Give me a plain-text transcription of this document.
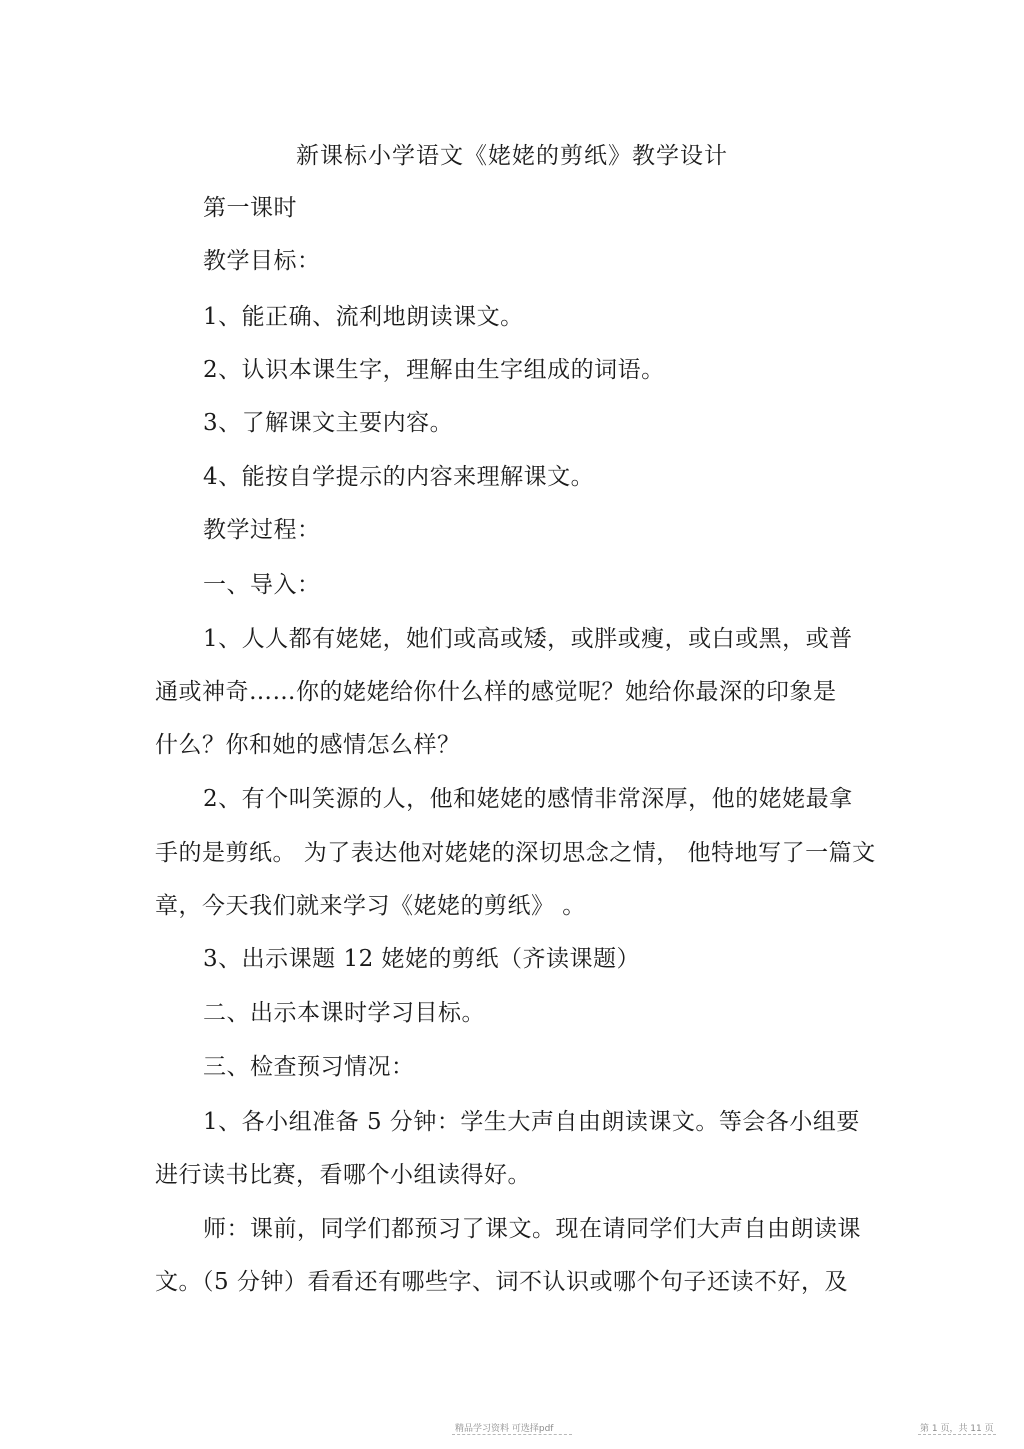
新课标小学语文《姥姥的剪纸》教学设计
第一课时
教学目标：
1、能正确、流利地朗读课文。
2、认识本课生字，理解由生字组成的词语。
3、了解课文主要内容。
4、能按自学提示的内容来理解课文。
教学过程：
一、导入：
1、人人都有姥姥，她们或高或矮，或胖或瘦，或白或黑，或普
通或神奇……你的姥姥给你什么样的感觉呢？她给你最深的印象是
什么？你和她的感情怎么样？
2、有个叫笑源的人，他和姥姥的感情非常深厚，他的姥姥最拿
手的是剪纸。 为了表达他对姥姥的深切思念之情， 他特地写了一篇文
章，今天我们就来学习《姥姥的剪纸》 。
3、出示课题 12 姥姥的剪纸（齐读课题）
二、出示本课时学习目标。
三、检查预习情况：
1、各小组准备 5 分钟：学生大声自由朗读课文。等会各小组要
进行读书比赛，看哪个小组读得好。
师：课前，同学们都预习了课文。现在请同学们大声自由朗读课
文。（5 分钟）看看还有哪些字、词不认识或哪个句子还读不好，及
精品学习资料 可选择pdf	第 1 页，共 11 页
